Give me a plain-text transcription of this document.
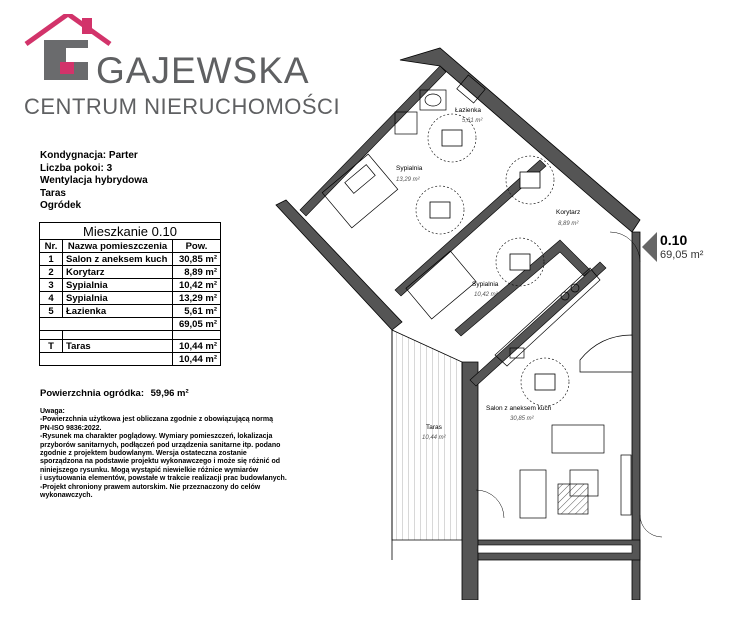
GAJEWSKA
CENTRUM NIERUCHOMOŚCI
Kondygnacja: Parter
Liczba pokoi: 3
Wentylacja hybrydowa
Taras
Ogródek
Mieszkanie 0.10		
Nr.	Nazwa pomieszczenia	Pow.
1	Salon z aneksem kuch	30,85 m²
2	Korytarz	8,89 m²
3	Sypialnia	10,42 m²
4	Sypialnia	13,29 m²
5	Łazienka	5,61 m²
		69,05 m²

T	Taras	10,44 m²
		10,44 m²
Powierzchnia ogródka: 59,96 m²
Uwaga:
-Powierzchnia użytkowa jest obliczana zgodnie z obowiązującą normą
PN-ISO 9836:2022.
-Rysunek ma charakter poglądowy. Wymiary pomieszczeń, lokalizacja
przyborów sanitarnych, podłączeń pod urządzenia sanitarne itp. podano
zgodnie z projektem budowlanym. Wersja ostateczna zostanie
sporządzona na podstawie projektu wykonawczego i może się różnić od
niniejszego rysunku. Mogą wystąpić niewielkie różnice wymiarów
i usytuowania elementów, powstałe w trakcie realizacji prac budowlanych.
-Projekt chroniony prawem autorskim. Nie przeznaczony do celów
wykonawczych.
Łazienka
5,61 m²
Sypialnia
13,29 m²
Korytarz
8,89 m²
Sypialnia
10,42 m²
Salon z aneksem kuch
30,85 m²
Taras
10,44 m²
0.10
69,05 m²
